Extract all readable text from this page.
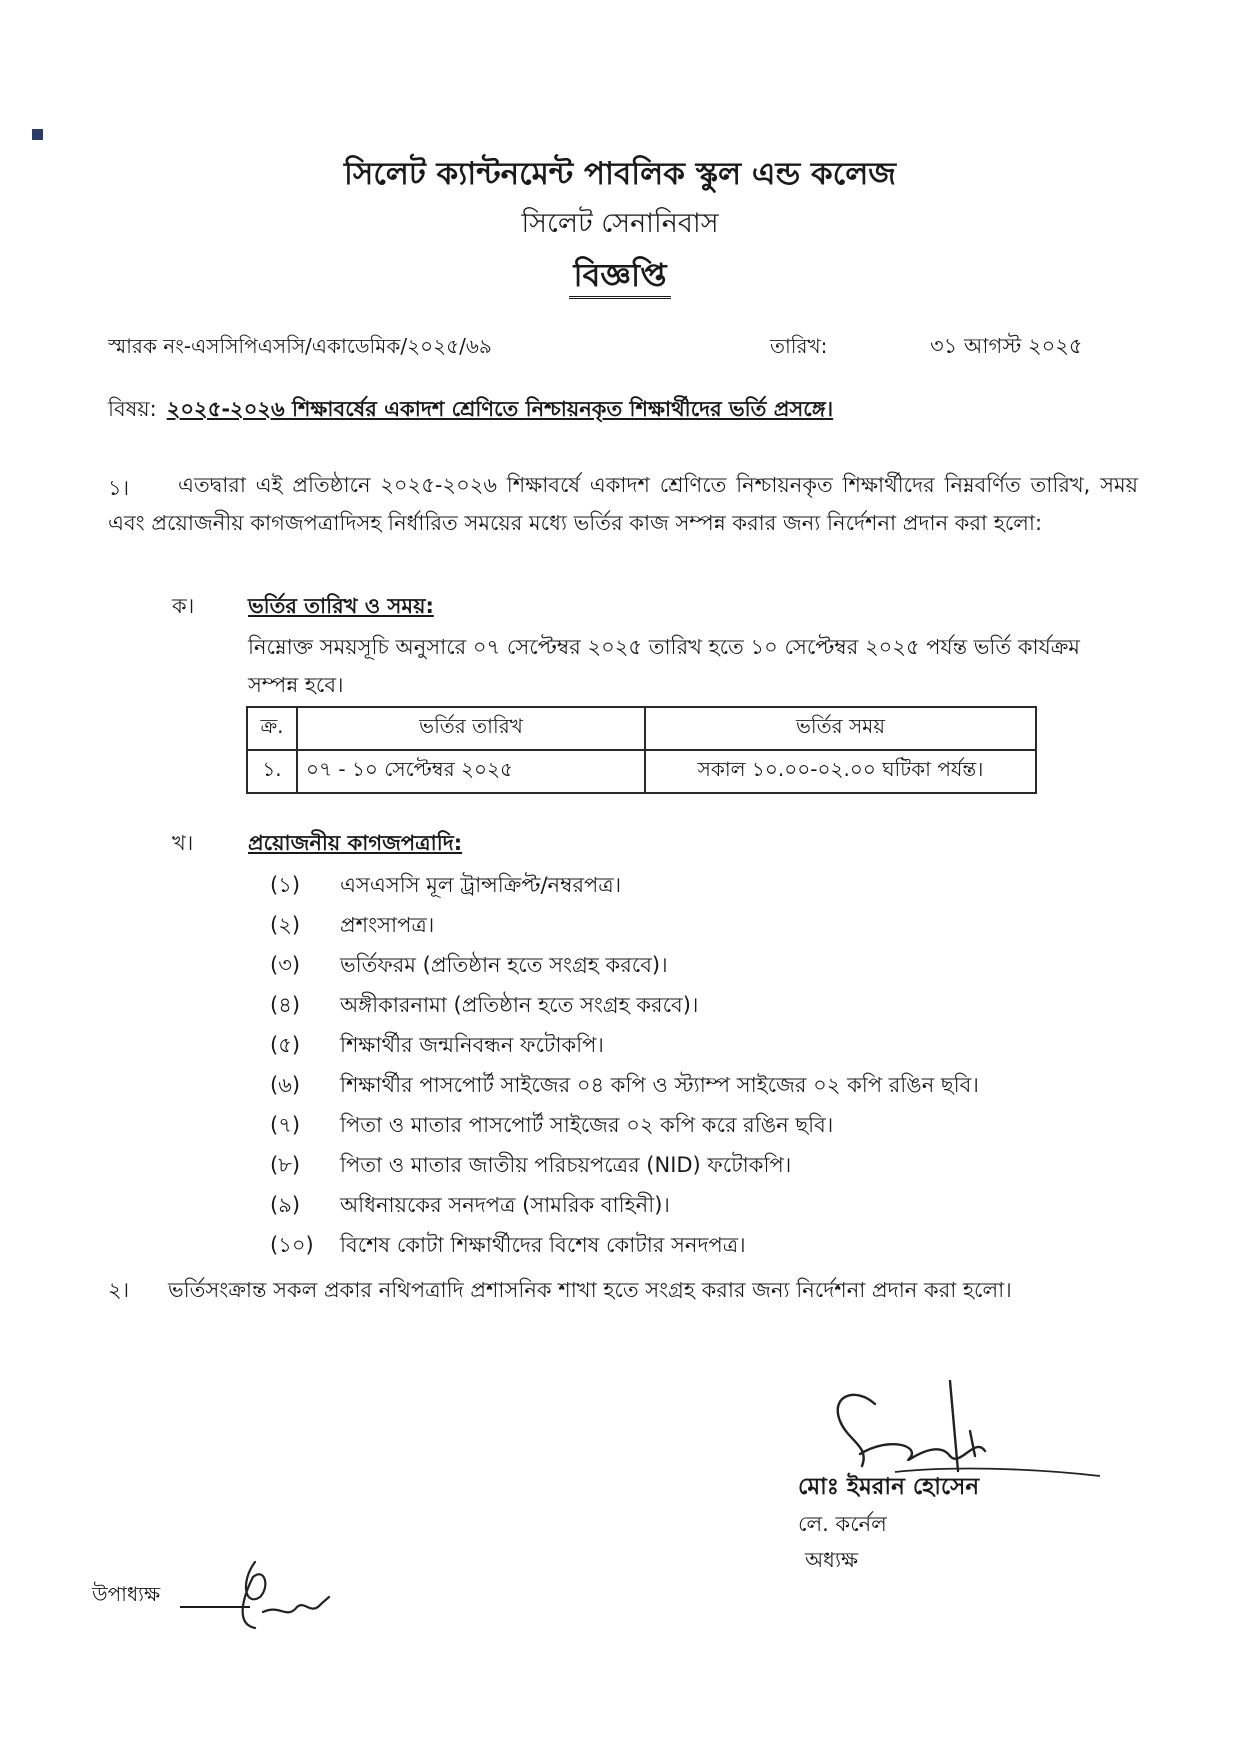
সিলেট ক্যান্টনমেন্ট পাবলিক স্কুল এন্ড কলেজ
সিলেট সেনানিবাস
বিজ্ঞপ্তি
স্মারক নং-এসসিপিএসসি/একাডেমিক/২০২৫/৬৯	তারিখ:	৩১ আগস্ট ২০২৫
বিষয়: ২০২৫-২০২৬ শিক্ষাবর্ষের একাদশ শ্রেণিতে নিশ্চায়নকৃত শিক্ষার্থীদের ভর্তি প্রসঙ্গে।
১।	এতদ্বারা এই প্রতিষ্ঠানে ২০২৫-২০২৬ শিক্ষাবর্ষে একাদশ শ্রেণিতে নিশ্চায়নকৃত শিক্ষার্থীদের নিম্নবর্ণিত তারিখ, সময় এবং প্রয়োজনীয় কাগজপত্রাদিসহ নির্ধারিত সময়ের মধ্যে ভর্তির কাজ সম্পন্ন করার জন্য নির্দেশনা প্রদান করা হলো:
ক।	ভর্তির তারিখ ও সময়:
নিম্নোক্ত সময়সূচি অনুসারে ০৭ সেপ্টেম্বর ২০২৫ তারিখ হতে ১০ সেপ্টেম্বর ২০২৫ পর্যন্ত ভর্তি কার্যক্রম সম্পন্ন হবে।
ক্র.	ভর্তির তারিখ	ভর্তির সময়
১.	০৭ - ১০ সেপ্টেম্বর ২০২৫	সকাল ১০.০০-০২.০০ ঘটিকা পর্যন্ত।
খ।	প্রয়োজনীয় কাগজপত্রাদি:
(১)	এসএসসি মূল ট্রান্সক্রিপ্ট/নম্বরপত্র।
(২)	প্রশংসাপত্র।
(৩)	ভর্তিফরম (প্রতিষ্ঠান হতে সংগ্রহ করবে)।
(৪)	অঙ্গীকারনামা (প্রতিষ্ঠান হতে সংগ্রহ করবে)।
(৫)	শিক্ষার্থীর জন্মনিবন্ধন ফটোকপি।
(৬)	শিক্ষার্থীর পাসপোর্ট সাইজের ০৪ কপি ও স্ট্যাম্প সাইজের ০২ কপি রঙিন ছবি।
(৭)	পিতা ও মাতার পাসপোর্ট সাইজের ০২ কপি করে রঙিন ছবি।
(৮)	পিতা ও মাতার জাতীয় পরিচয়পত্রের (NID) ফটোকপি।
(৯)	অধিনায়কের সনদপত্র (সামরিক বাহিনী)।
(১০)	বিশেষ কোটা শিক্ষার্থীদের বিশেষ কোটার সনদপত্র।
২। ভর্তিসংক্রান্ত সকল প্রকার নথিপত্রাদি প্রশাসনিক শাখা হতে সংগ্রহ করার জন্য নির্দেশনা প্রদান করা হলো।
মোঃ ইমরান হোসেন
লে. কর্নেল
অধ্যক্ষ
উপাধ্যক্ষ
